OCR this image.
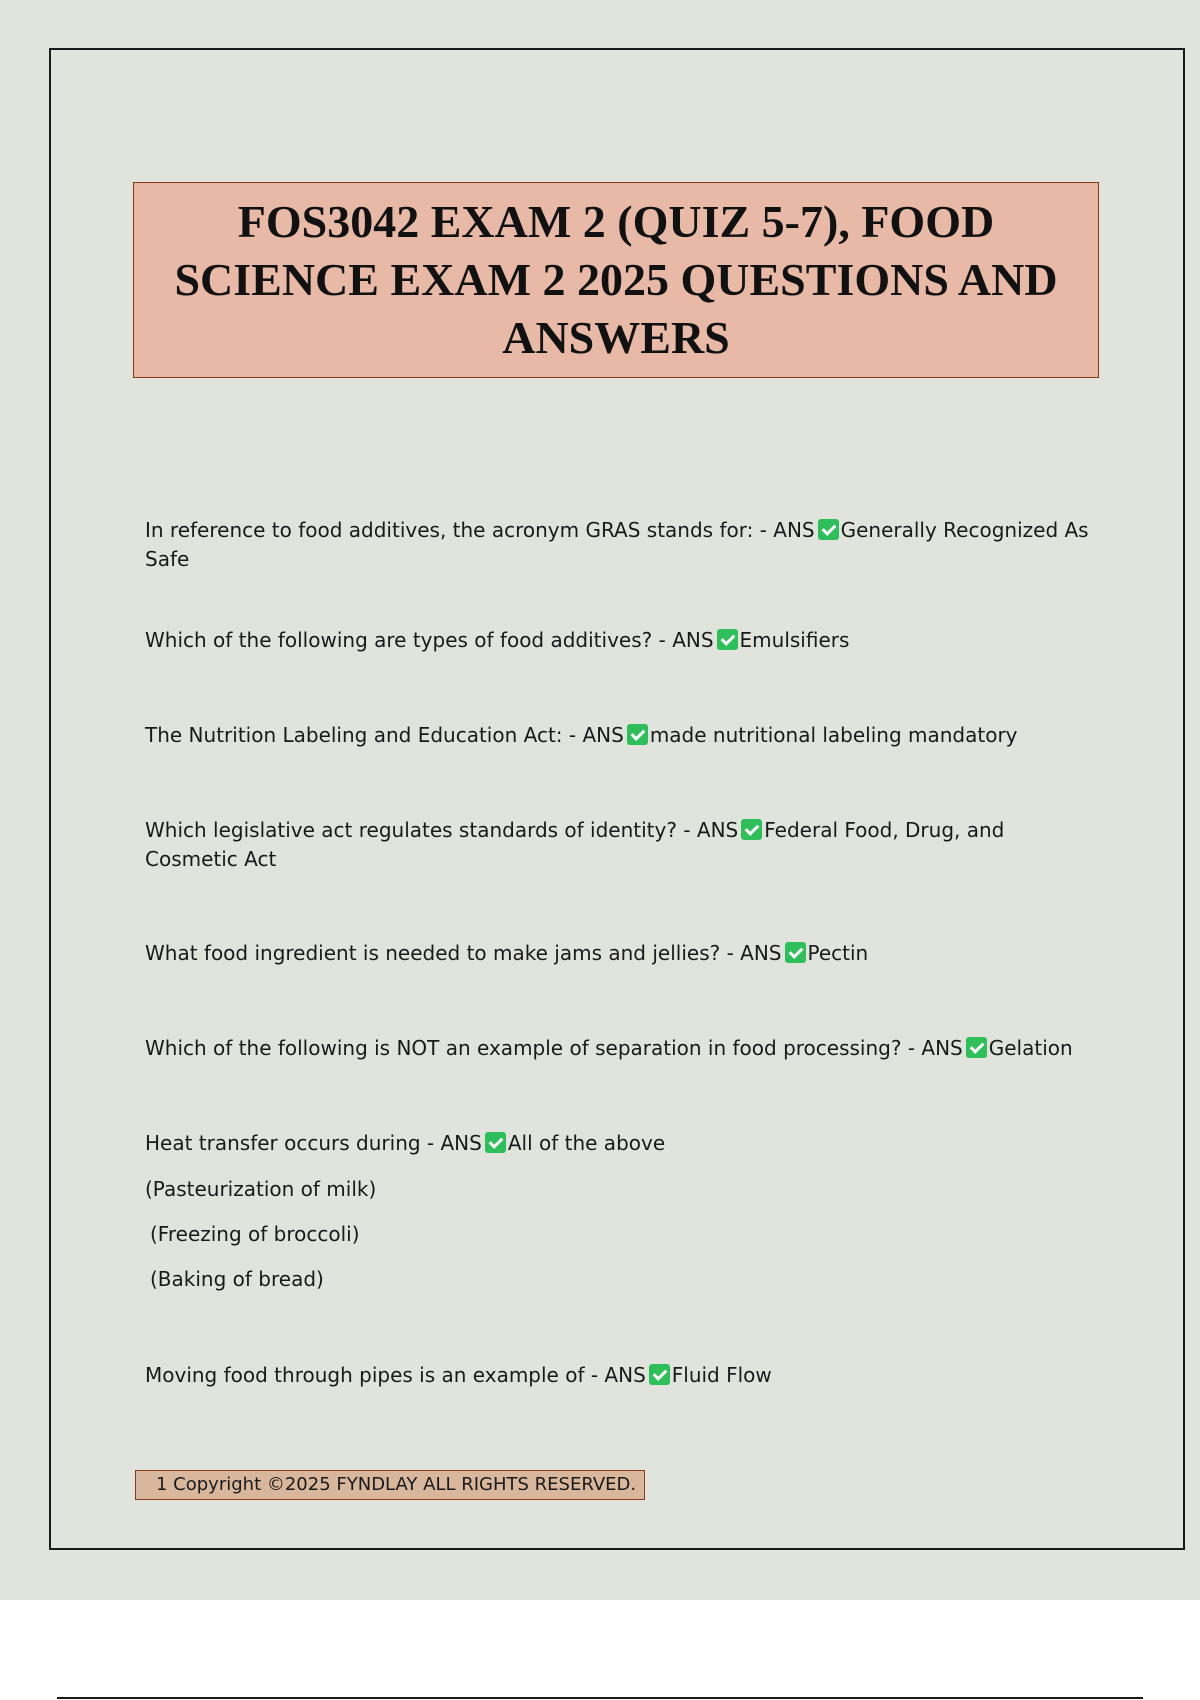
FOS3042 EXAM 2 (QUIZ 5-7), FOOD SCIENCE EXAM 2 2025 QUESTIONS AND ANSWERS
In reference to food additives, the acronym GRAS stands for: - ANS Generally Recognized As Safe
Which of the following are types of food additives? - ANS Emulsifiers
The Nutrition Labeling and Education Act: - ANS made nutritional labeling mandatory
Which legislative act regulates standards of identity? - ANS Federal Food, Drug, and Cosmetic Act
What food ingredient is needed to make jams and jellies? - ANS Pectin
Which of the following is NOT an example of separation in food processing? - ANS Gelation
Heat transfer occurs during - ANS All of the above
(Pasteurization of milk)
(Freezing of broccoli)
(Baking of bread)
Moving food through pipes is an example of - ANS Fluid Flow
1 Copyright ©2025 FYNDLAY ALL RIGHTS RESERVED.
